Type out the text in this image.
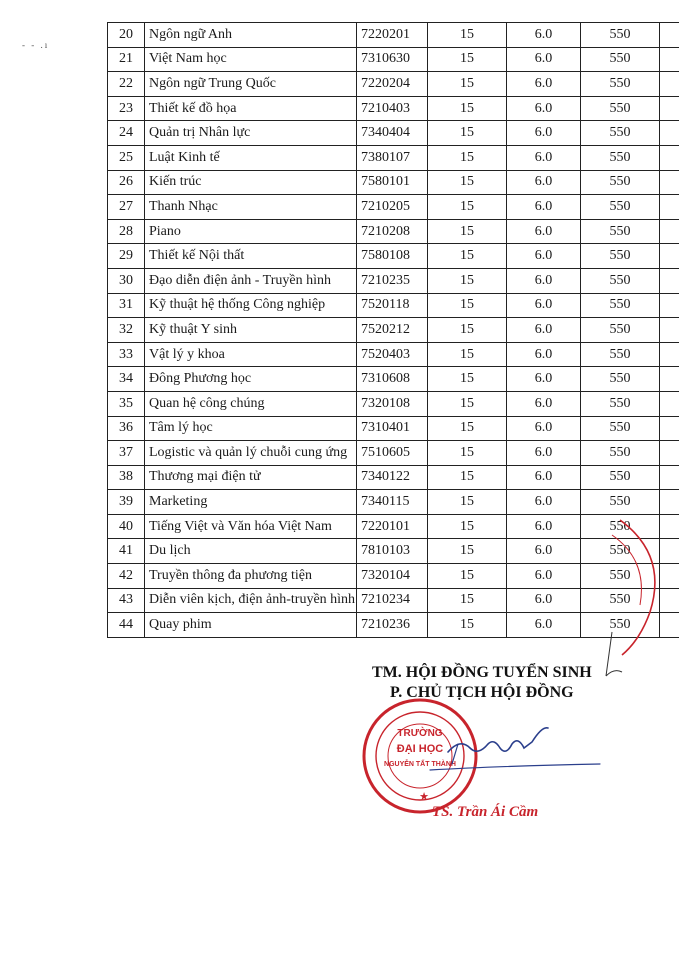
- - .ı
20	Ngôn ngữ Anh	7220201	15	6.0	550	
21	Việt Nam học	7310630	15	6.0	550	
22	Ngôn ngữ Trung Quốc	7220204	15	6.0	550	
23	Thiết kế đồ họa	7210403	15	6.0	550	
24	Quản trị Nhân lực	7340404	15	6.0	550	
25	Luật Kinh tế	7380107	15	6.0	550	
26	Kiến trúc	7580101	15	6.0	550	
27	Thanh Nhạc	7210205	15	6.0	550	
28	Piano	7210208	15	6.0	550	
29	Thiết kế Nội thất	7580108	15	6.0	550	
30	Đạo diễn điện ảnh - Truyền hình	7210235	15	6.0	550	
31	Kỹ thuật hệ thống Công nghiệp	7520118	15	6.0	550	
32	Kỹ thuật Y sinh	7520212	15	6.0	550	
33	Vật lý y khoa	7520403	15	6.0	550	
34	Đông Phương học	7310608	15	6.0	550	
35	Quan hệ công chúng	7320108	15	6.0	550	
36	Tâm lý học	7310401	15	6.0	550	
37	Logistic và quản lý chuỗi cung ứng	7510605	15	6.0	550	
38	Thương mại điện tử	7340122	15	6.0	550	
39	Marketing	7340115	15	6.0	550	
40	Tiếng Việt và Văn hóa Việt Nam	7220101	15	6.0	550	
41	Du lịch	7810103	15	6.0	550	
42	Truyền thông đa phương tiện	7320104	15	6.0	550	
43	Diễn viên kịch, điện ảnh-truyền hình	7210234	15	6.0	550	
44	Quay phim	7210236	15	6.0	550	
TRƯỜNG
ĐẠI HỌC
NGUYỄN TẤT THÀNH
★
TM. HỘI ĐỒNG TUYỂN SINH
P. CHỦ TỊCH HỘI ĐỒNG
TS. Trần Ái Cầm
